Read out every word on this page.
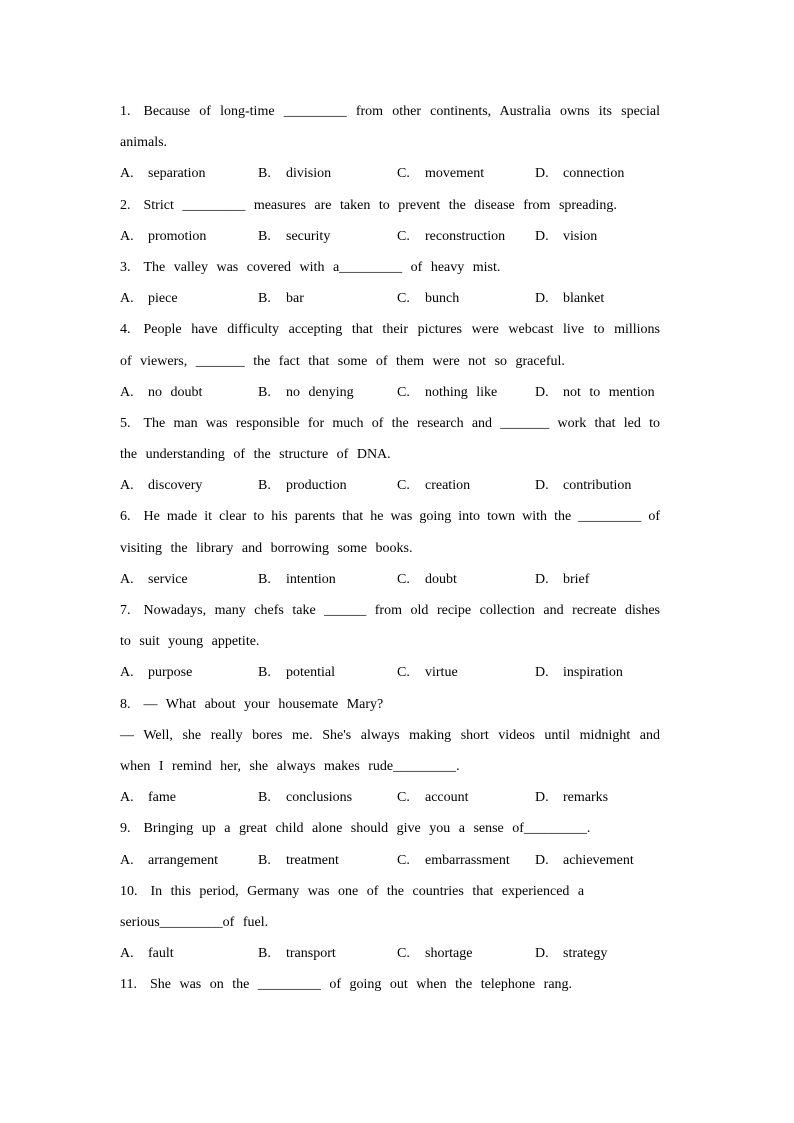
1. Because of long-time _________ from other continents, Australia owns its special
animals.
A. separation	B. division	C. movement	D. connection
2. Strict _________ measures are taken to prevent the disease from spreading.
A. promotion	B. security	C. reconstruction	D. vision
3. The valley was covered with a_________ of heavy mist.
A. piece	B. bar	C. bunch	D. blanket
4. People have difficulty accepting that their pictures were webcast live to millions
of viewers, _______ the fact that some of them were not so graceful.
A. no doubt	B. no denying	C. nothing like	D. not to mention
5. The man was responsible for much of the research and _______ work that led to
the understanding of the structure of DNA.
A. discovery	B. production	C. creation	D. contribution
6. He made it clear to his parents that he was going into town with the _________ of
visiting the library and borrowing some books.
A. service	B. intention	C. doubt	D. brief
7. Nowadays, many chefs take ______ from old recipe collection and recreate dishes
to suit young appetite.
A. purpose	B. potential	C. virtue	D. inspiration
8. — What about your housemate Mary?
— Well, she really bores me. She's always making short videos until midnight and
when I remind her, she always makes rude_________.
A. fame	B. conclusions	C. account	D. remarks
9. Bringing up a great child alone should give you a sense of_________.
A. arrangement	B. treatment	C. embarrassment	D. achievement
10. In this period, Germany was one of the countries that experienced a
serious_________of fuel.
A. fault	B. transport	C. shortage	D. strategy
11. She was on the _________ of going out when the telephone rang.
